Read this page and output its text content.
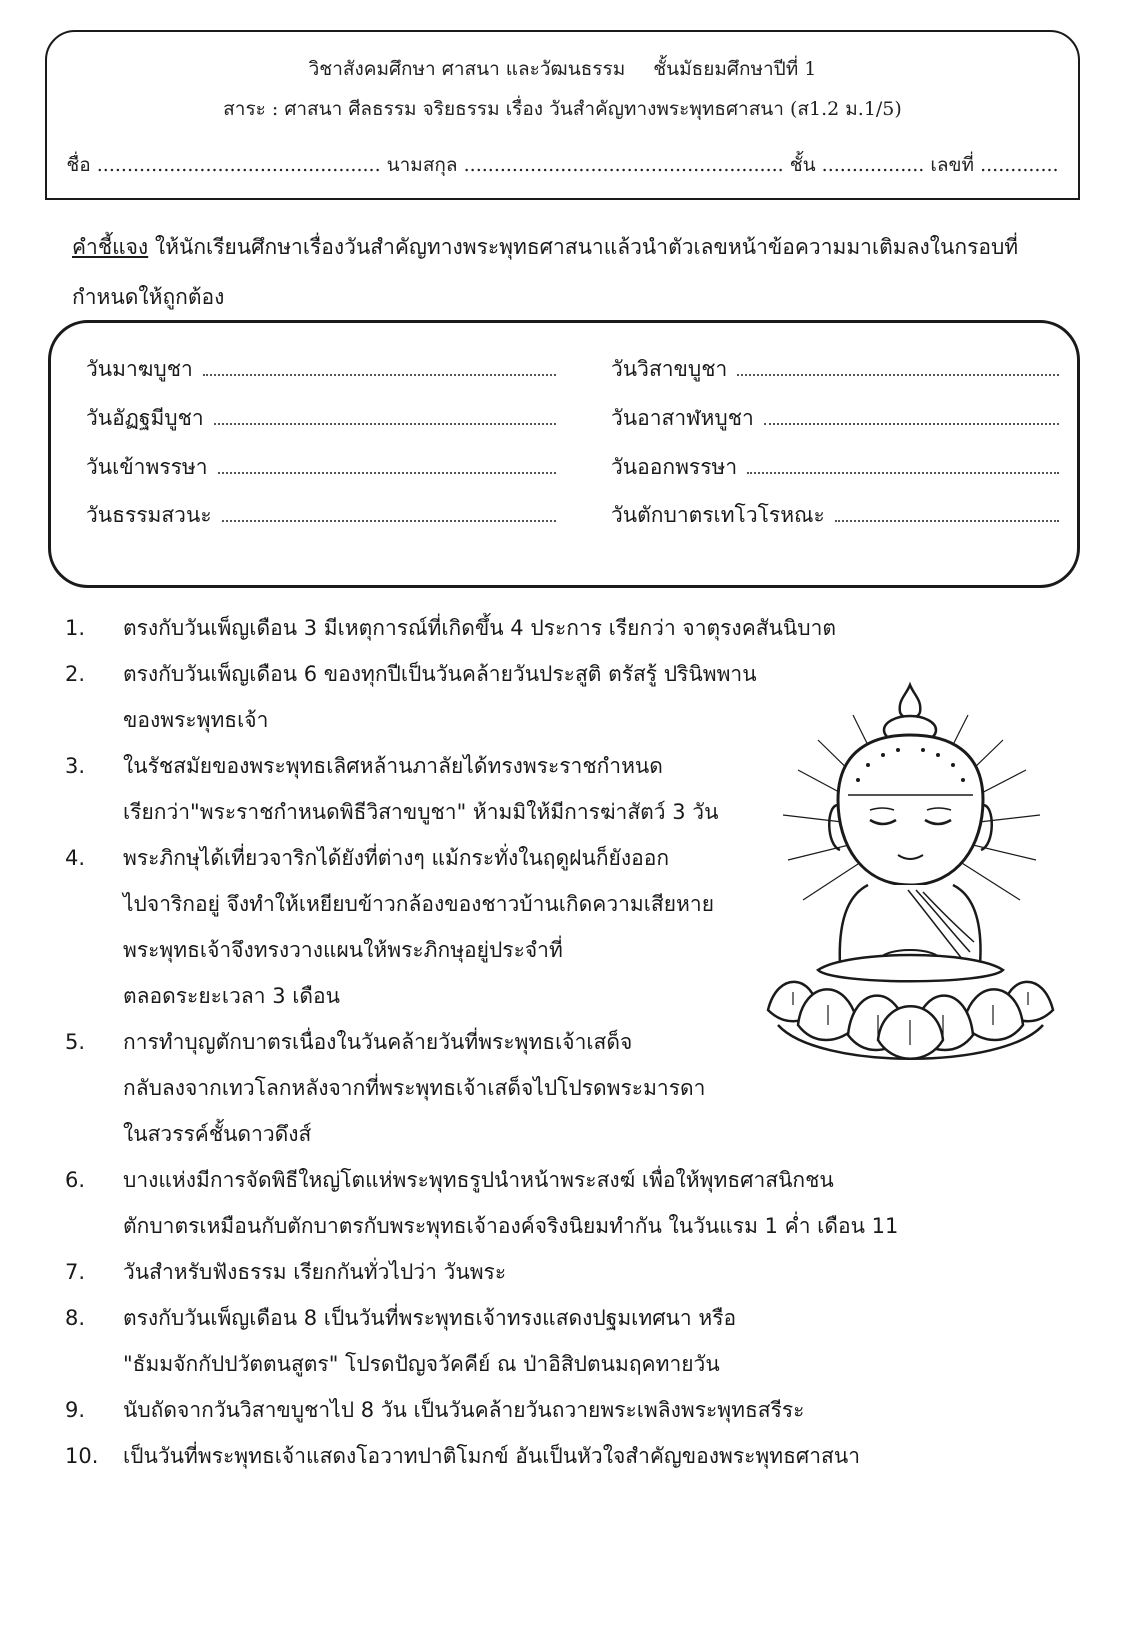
วิชาสังคมศึกษา ศาสนา และวัฒนธรรม ชั้นมัธยมศึกษาปีที่ 1
สาระ : ศาสนา ศีลธรรม จริยธรรม เรื่อง วันสำคัญทางพระพุทธศาสนา (ส1.2 ม.1/5)
ชื่อ ............................................... นามสกุล ..................................................... ชั้น ................. เลขที่ .............
คำชี้แจง ให้นักเรียนศึกษาเรื่องวันสำคัญทางพระพุทธศาสนาแล้วนำตัวเลขหน้าข้อความมาเติมลงในกรอบที่กำหนดให้ถูกต้อง
วันมาฆบูชา	วันวิสาขบูชา
วันอัฏฐมีบูชา	วันอาสาฬหบูชา
วันเข้าพรรษา	วันออกพรรษา
วันธรรมสวนะ	วันตักบาตรเทโวโรหณะ
1. ตรงกับวันเพ็ญเดือน 3 มีเหตุการณ์ที่เกิดขึ้น 4 ประการ เรียกว่า จาตุรงคสันนิบาต
2. ตรงกับวันเพ็ญเดือน 6 ของทุกปีเป็นวันคล้ายวันประสูติ ตรัสรู้ ปรินิพพาน
ของพระพุทธเจ้า
3. ในรัชสมัยของพระพุทธเลิศหล้านภาลัยได้ทรงพระราชกำหนด
เรียกว่า"พระราชกำหนดพิธีวิสาขบูชา" ห้ามมิให้มีการฆ่าสัตว์ 3 วัน
4. พระภิกษุได้เที่ยวจาริกได้ยังที่ต่างๆ แม้กระทั่งในฤดูฝนก็ยังออก
ไปจาริกอยู่ จึงทำให้เหยียบข้าวกล้องของชาวบ้านเกิดความเสียหาย
พระพุทธเจ้าจึงทรงวางแผนให้พระภิกษุอยู่ประจำที่
ตลอดระยะเวลา 3 เดือน
5. การทำบุญตักบาตรเนื่องในวันคล้ายวันที่พระพุทธเจ้าเสด็จ
กลับลงจากเทวโลกหลังจากที่พระพุทธเจ้าเสด็จไปโปรดพระมารดา
ในสวรรค์ชั้นดาวดึงส์
6. บางแห่งมีการจัดพิธีใหญ่โตแห่พระพุทธรูปนำหน้าพระสงฆ์ เพื่อให้พุทธศาสนิกชน
ตักบาตรเหมือนกับตักบาตรกับพระพุทธเจ้าองค์จริงนิยมทำกัน ในวันแรม 1 ค่ำ เดือน 11
7. วันสำหรับฟังธรรม เรียกกันทั่วไปว่า วันพระ
8. ตรงกับวันเพ็ญเดือน 8 เป็นวันที่พระพุทธเจ้าทรงแสดงปฐมเทศนา หรือ
"ธัมมจักกัปปวัตตนสูตร" โปรดปัญจวัคคีย์ ณ ป่าอิสิปตนมฤคทายวัน
9. นับถัดจากวันวิสาขบูชาไป 8 วัน เป็นวันคล้ายวันถวายพระเพลิงพระพุทธสรีระ
10. เป็นวันที่พระพุทธเจ้าแสดงโอวาทปาติโมกข์ อันเป็นหัวใจสำคัญของพระพุทธศาสนา
